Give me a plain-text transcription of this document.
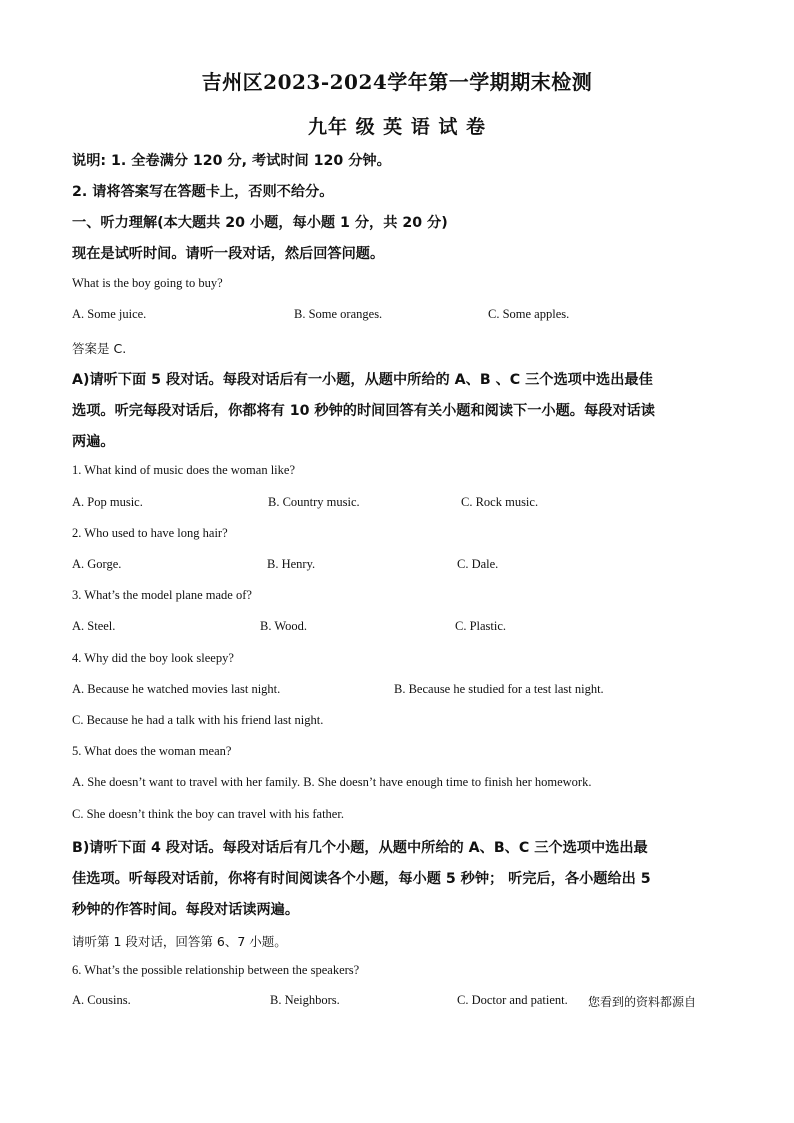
吉州区2023-2024学年第一学期期末检测
九年 级 英 语 试 卷
说明: 1. 全卷满分 120 分, 考试时间 120 分钟。
2. 请将答案写在答题卡上，否则不给分。
一、听力理解(本大题共 20 小题，每小题 1 分，共 20 分)
现在是试听时间。请听一段对话，然后回答问题。
What is the boy going to buy?
A. Some juice.	B. Some oranges.	C. Some apples.
答案是 C.
A)请听下面 5 段对话。每段对话后有一小题，从题中所给的 A、B 、C 三个选项中选出最佳
选项。听完每段对话后，你都将有 10 秒钟的时间回答有关小题和阅读下一小题。每段对话读
两遍。
1. What kind of music does the woman like?
A. Pop music.	B. Country music.	C. Rock music.
2. Who used to have long hair?
A. Gorge.	B. Henry.	C. Dale.
3. What’s the model plane made of?
A. Steel.	B. Wood.	C. Plastic.
4. Why did the boy look sleepy?
A. Because he watched movies last night.	B. Because he studied for a test last night.
C. Because he had a talk with his friend last night.
5. What does the woman mean?
A. She doesn’t want to travel with her family. B. She doesn’t have enough time to finish her homework.
C. She doesn’t think the boy can travel with his father.
B)请听下面 4 段对话。每段对话后有几个小题，从题中所给的 A、B、C 三个选项中选出最
佳选项。听每段对话前，你将有时间阅读各个小题，每小题 5 秒钟； 听完后，各小题给出 5
秒钟的作答时间。每段对话读两遍。
请听第 1 段对话，回答第 6、7 小题。
6. What’s the possible relationship between the speakers?
A. Cousins.	B. Neighbors.	C. Doctor and patient. 您看到的资料都源自
